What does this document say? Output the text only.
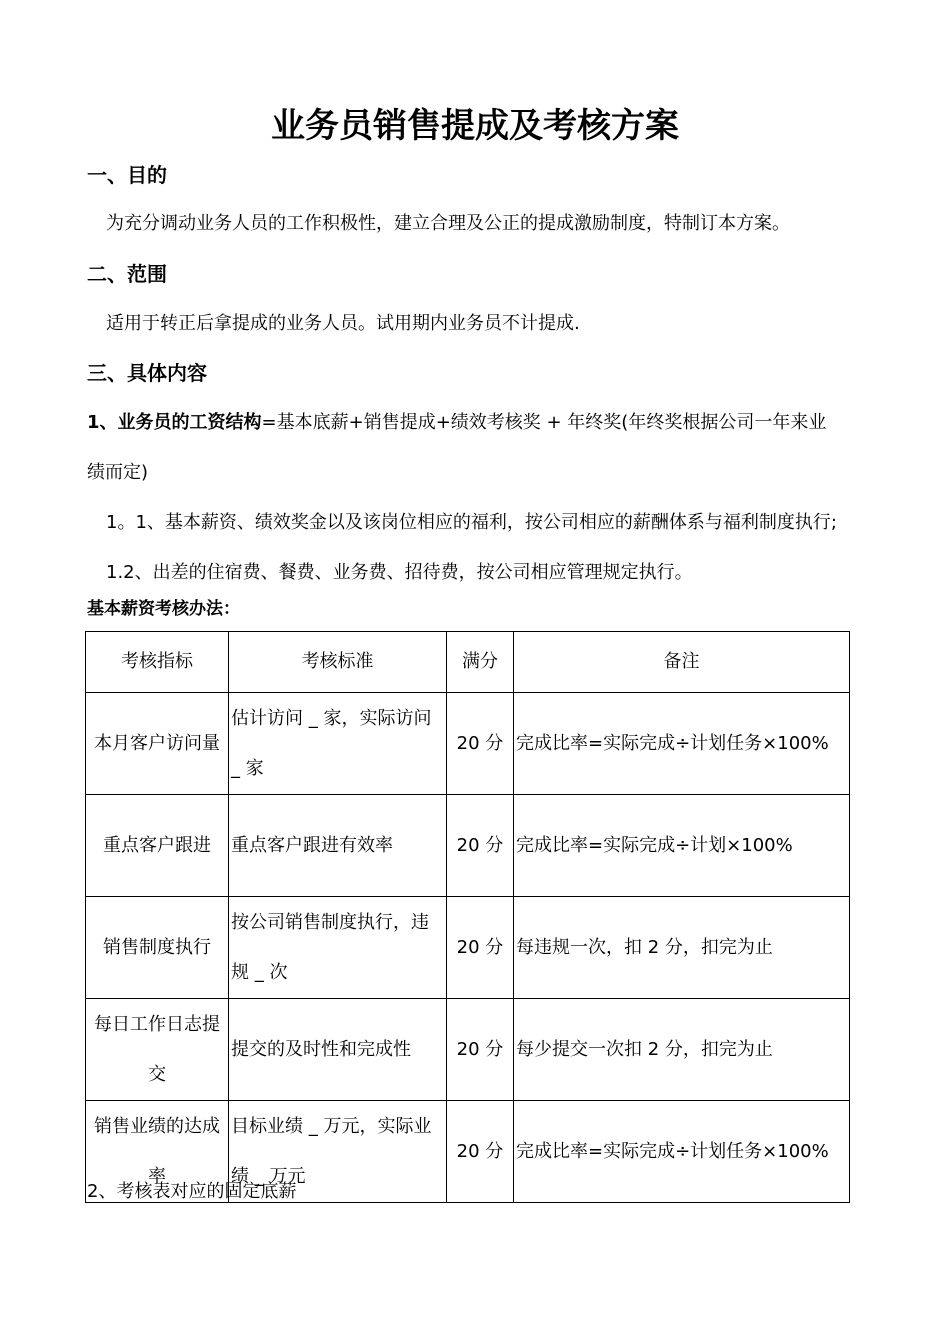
业务员销售提成及考核方案
一、目的
为充分调动业务人员的工作积极性，建立合理及公正的提成激励制度，特制订本方案。
二、范围
适用于转正后拿提成的业务人员。试用期内业务员不计提成.
三、具体内容
1、业务员的工资结构=基本底薪+销售提成+绩效考核奖 + 年终奖(年终奖根据公司一年来业
绩而定)
1。1、基本薪资、绩效奖金以及该岗位相应的福利，按公司相应的薪酬体系与福利制度执行;
1.2、出差的住宿费、餐费、业务费、招待费，按公司相应管理规定执行。
基本薪资考核办法：
考核指标	考核标准	满分	备注
本月客户访问量	估计访问 _ 家，实际访问 _ 家	20 分	完成比率=实际完成÷计划任务×100%
重点客户跟进	重点客户跟进有效率	20 分	完成比率=实际完成÷计划×100%
销售制度执行	按公司销售制度执行，违规 _ 次	20 分	每违规一次，扣 2 分，扣完为止
每日工作日志提交	提交的及时性和完成性	20 分	每少提交一次扣 2 分，扣完为止
销售业绩的达成率	目标业绩 _ 万元，实际业绩 _ 万元	20 分	完成比率=实际完成÷计划任务×100%
2、考核表对应的固定底薪
